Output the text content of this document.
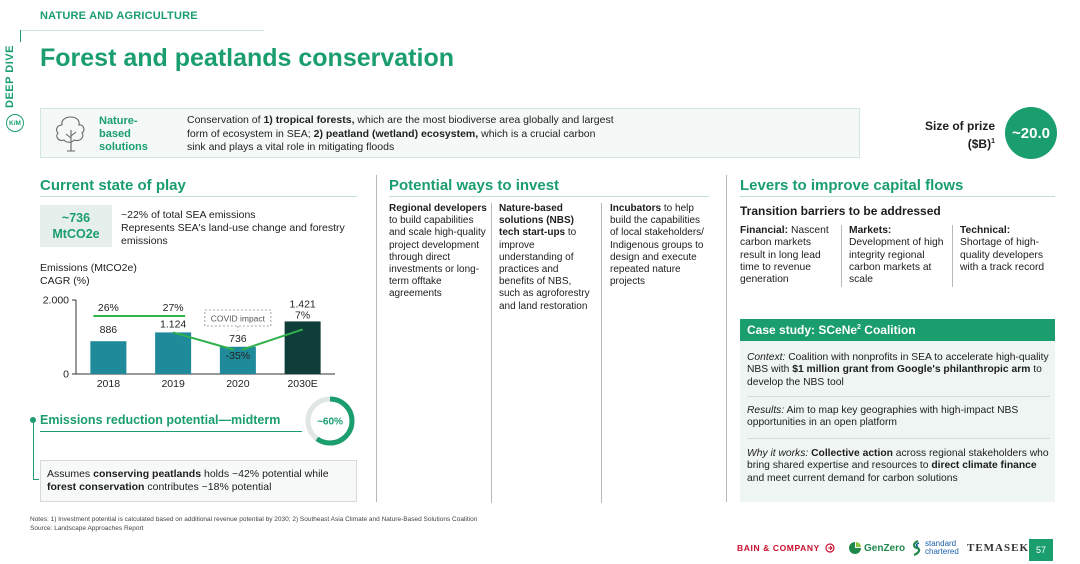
NATURE AND AGRICULTURE
DEEP DIVE
K/M
Forest and peatlands conservation
Nature-based solutions
Conservation of 1) tropical forests, which are the most biodiverse area globally and largest form of ecosystem in SEA; 2) peatland (wetland) ecosystem, which is a crucial carbon sink and plays a vital role in mitigating floods
Size of prize
($B)$^1$	~20.0
Current state of play	Potential ways to invest	Levers to improve capital flows
~736
MtCO2e
~22% of total SEA emissions
Represents SEA's land-use change and forestry emissions
Emissions (MtCO2e)
CAGR (%)
0
2.000
2018	2019	2020	2030E
886	1.124
736
1.421
26%	27%
-35%
7%
COVID impact
Emissions reduction potential—midterm	~60%
Assumes conserving peatlands holds ~42% potential while forest conservation contributes ~18% potential
Regional developers to build capabilities and scale high-quality project development through direct investments or long-term offtake agreements
Nature-based solutions (NBS) tech start-ups to improve understanding of practices and benefits of NBS, such as agroforestry and land restoration
Incubators to help build the capabilities of local stakeholders/ Indigenous groups to design and execute repeated nature projects
Transition barriers to be addressed
Financial: Nascent carbon markets result in long lead time to revenue generation
Markets:
Development of high integrity regional carbon markets at scale
Technical:
Shortage of high-quality developers with a track record
Case study: SCeNe$^2$ Coalition
Context: Coalition with nonprofits in SEA to accelerate high-quality NBS with $1 million grant from Google's philanthropic arm to develop the NBS tool
Results: Aim to map key geographies with high-impact NBS opportunities in an open platform
Why it works: Collective action across regional stakeholders who bring shared expertise and resources to direct climate finance and meet current demand for carbon solutions
Notes: 1) Investment potential is calculated based on additional revenue potential by 2030; 2) Southeast Asia Climate and Nature-Based Solutions Coalition
Source: Landscape Approaches Report
BAIN & COMPANY	GenZero standard
chartered TEMASEK 57
